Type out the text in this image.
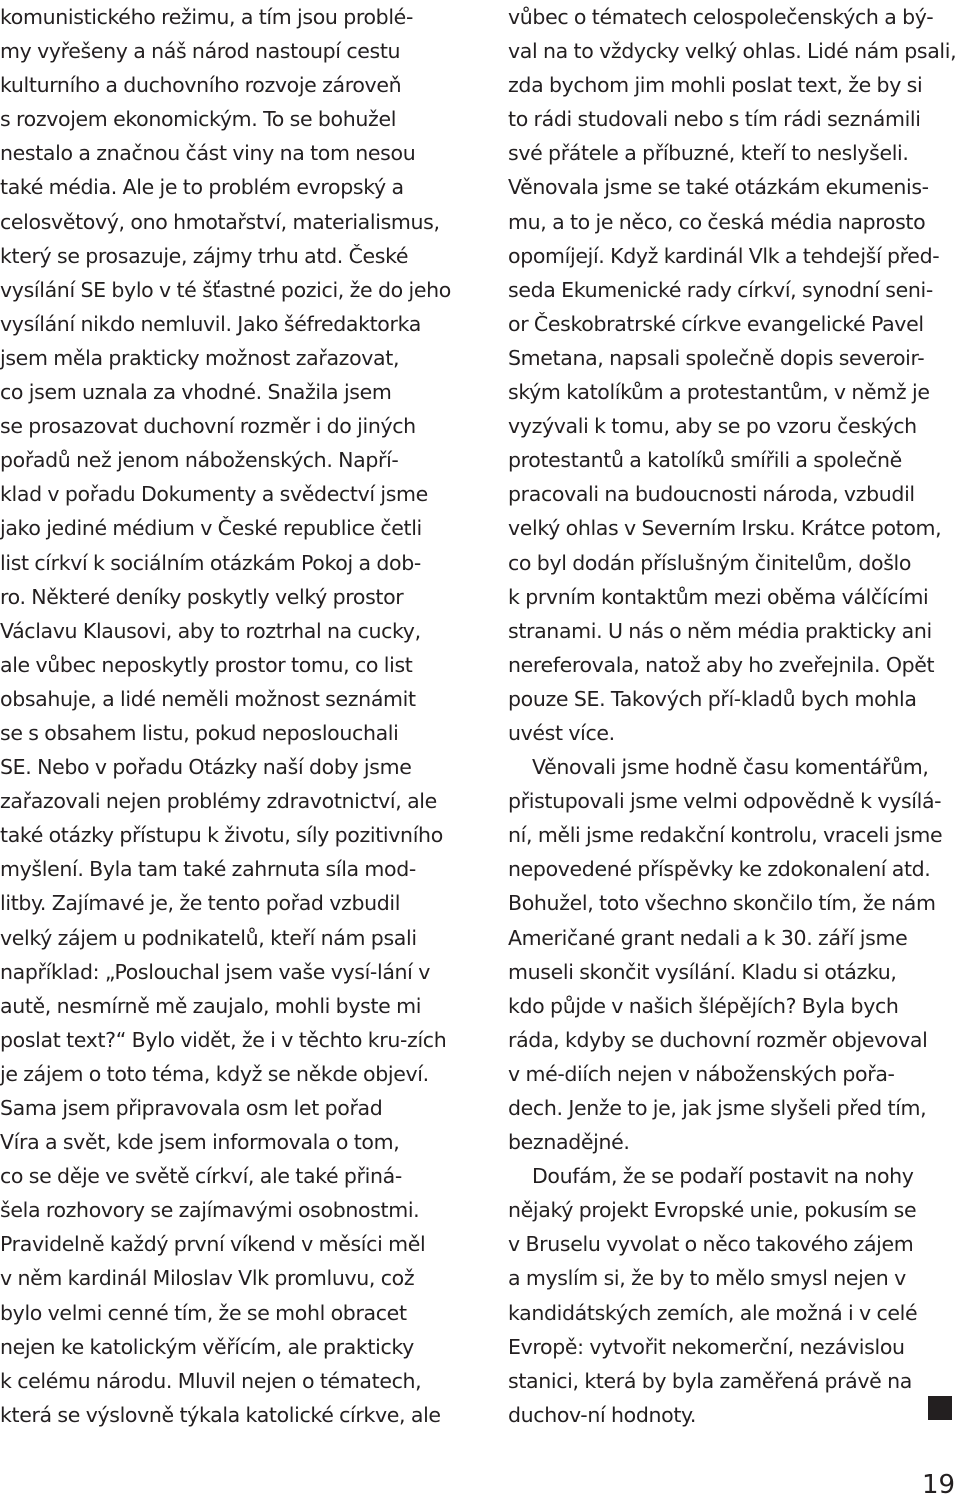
komunistického režimu, a tím jsou problé-
my vyřešeny a náš národ nastoupí cestu
kulturního a duchovního rozvoje zároveň
s rozvojem ekonomickým. To se bohužel
nestalo a značnou část viny na tom nesou
také média. Ale je to problém evropský a
celosvětový, ono hmotařství, materialismus,
který se prosazuje, zájmy trhu atd. České
vysílání SE bylo v té šťastné pozici, že do jeho
vysílání nikdo nemluvil. Jako šéfredaktorka
jsem měla prakticky možnost zařazovat,
co jsem uznala za vhodné. Snažila jsem
se prosazovat duchovní rozměr i do jiných
pořadů než jenom náboženských. Napří-
klad v pořadu Dokumenty a svědectví jsme
jako jediné médium v České republice četli
list církví k sociálním otázkám Pokoj a dob-
ro. Některé deníky poskytly velký prostor
Václavu Klausovi, aby to roztrhal na cucky,
ale vůbec neposkytly prostor tomu, co list
obsahuje, a lidé neměli možnost seznámit
se s obsahem listu, pokud neposlouchali
SE. Nebo v pořadu Otázky naší doby jsme
zařazovali nejen problémy zdravotnictví, ale
také otázky přístupu k životu, síly pozitivního
myšlení. Byla tam také zahrnuta síla mod-
litby. Zajímavé je, že tento pořad vzbudil
velký zájem u podnikatelů, kteří nám psali
například: „Poslouchal jsem vaše vysí-lání v
autě, nesmírně mě zaujalo, mohli byste mi
poslat text?“ Bylo vidět, že i v těchto kru-zích
je zájem o toto téma, když se někde objeví.
Sama jsem připravovala osm let pořad
Víra a svět, kde jsem informovala o tom,
co se děje ve světě církví, ale také přiná-
šela rozhovory se zajímavými osobnostmi.
Pravidelně každý první víkend v měsíci měl
v něm kardinál Miloslav Vlk promluvu, což
bylo velmi cenné tím, že se mohl obracet
nejen ke katolickým věřícím, ale prakticky
k celému národu. Mluvil nejen o tématech,
která se výslovně týkala katolické církve, ale
vůbec o tématech celospolečenských a bý-
val na to vždycky velký ohlas. Lidé nám psali,
zda bychom jim mohli poslat text, že by si
to rádi studovali nebo s tím rádi seznámili
své přátele a příbuzné, kteří to neslyšeli.
Věnovala jsme se také otázkám ekumenis-
mu, a to je něco, co česká média naprosto
opomíjejí. Když kardinál Vlk a tehdejší před-
seda Ekumenické rady církví, synodní seni-
or Českobratrské církve evangelické Pavel
Smetana, napsali společně dopis severoir-
ským katolíkům a protestantům, v němž je
vyzývali k tomu, aby se po vzoru českých
protestantů a katolíků smířili a společně
pracovali na budoucnosti národa, vzbudil
velký ohlas v Severním Irsku. Krátce potom,
co byl dodán příslušným činitelům, došlo
k prvním kontaktům mezi oběma válčícími
stranami. U nás o něm média prakticky ani
nereferovala, natož aby ho zveřejnila. Opět
pouze SE. Takových pří-kladů bych mohla
uvést více.
Věnovali jsme hodně času komentářům,
přistupovali jsme velmi odpovědně k vysílá-
ní, měli jsme redakční kontrolu, vraceli jsme
nepovedené příspěvky ke zdokonalení atd.
Bohužel, toto všechno skončilo tím, že nám
Američané grant nedali a k 30. září jsme
museli skončit vysílání. Kladu si otázku,
kdo půjde v našich šlépějích? Byla bych
ráda, kdyby se duchovní rozměr objevoval
v mé-diích nejen v náboženských pořa-
dech. Jenže to je, jak jsme slyšeli před tím,
beznadějné.
Doufám, že se podaří postavit na nohy
nějaký projekt Evropské unie, pokusím se
v Bruselu vyvolat o něco takového zájem
a myslím si, že by to mělo smysl nejen v
kandidátských zemích, ale možná i v celé
Evropě: vytvořit nekomerční, nezávislou
stanici, která by byla zaměřená právě na
duchov-ní hodnoty.
19
